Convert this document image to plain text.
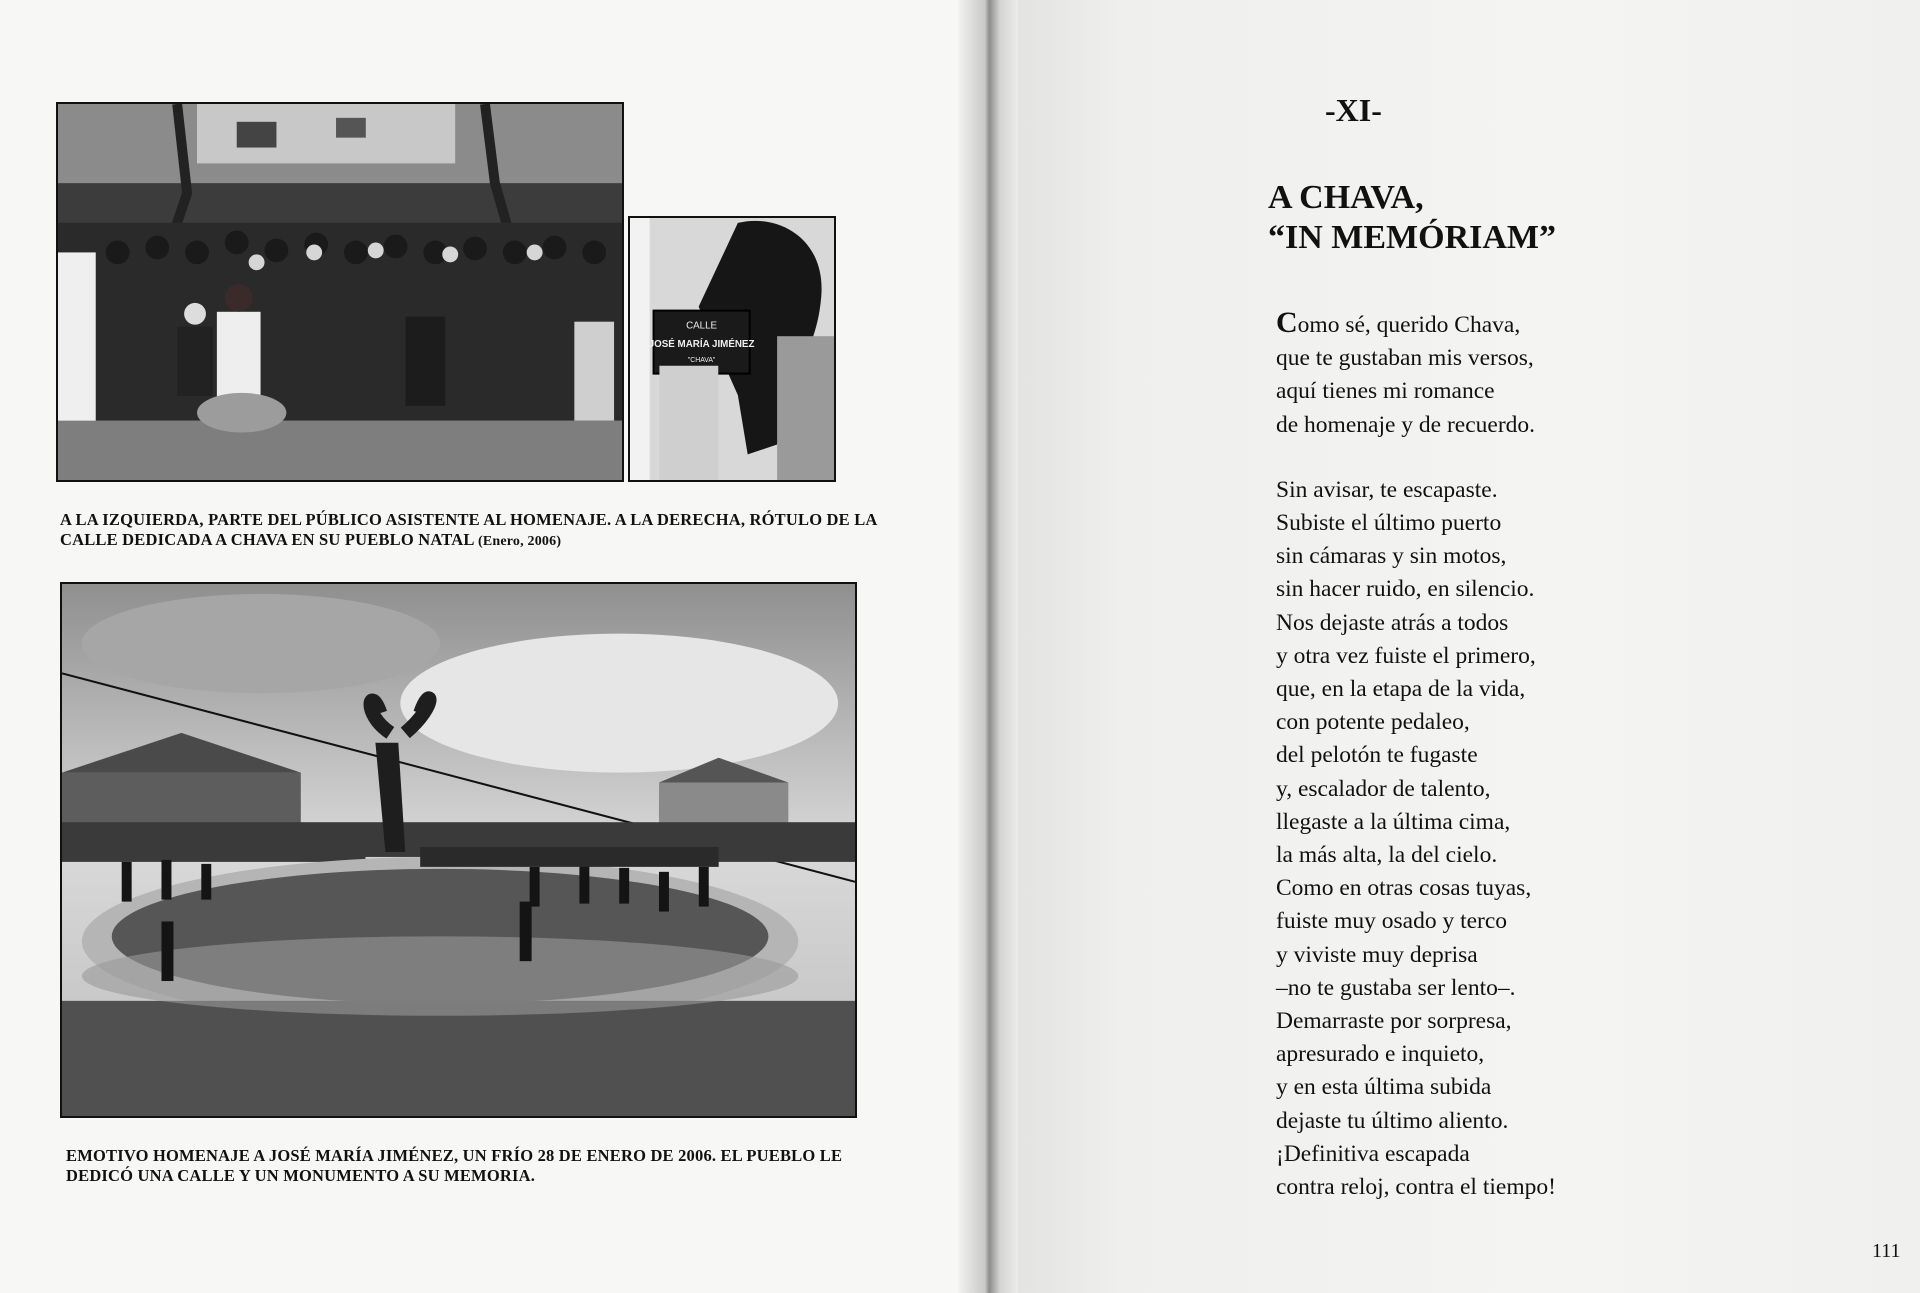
CALLE
JOSÉ MARÍA JIMÉNEZ
"CHAVA"
A LA IZQUIERDA, PARTE DEL PÚBLICO ASISTENTE AL HOMENAJE. A LA DERECHA, RÓTULO DE LA CALLE DEDICADA A CHAVA EN SU PUEBLO NATAL (Enero, 2006)
EMOTIVO HOMENAJE A JOSÉ MARÍA JIMÉNEZ, UN FRÍO 28 DE ENERO DE 2006. EL PUEBLO LE DEDICÓ UNA CALLE Y UN MONUMENTO A SU MEMORIA.
-XI-
A CHAVA,
“IN MEMÓRIAM”
Como sé, querido Chava,
que te gustaban mis versos,
aquí tienes mi romance
de homenaje y de recuerdo.
Sin avisar, te escapaste.
Subiste el último puerto
sin cámaras y sin motos,
sin hacer ruido, en silencio.
Nos dejaste atrás a todos
y otra vez fuiste el primero,
que, en la etapa de la vida,
con potente pedaleo,
del pelotón te fugaste
y, escalador de talento,
llegaste a la última cima,
la más alta, la del cielo.
Como en otras cosas tuyas,
fuiste muy osado y terco
y viviste muy deprisa
–no te gustaba ser lento–.
Demarraste por sorpresa,
apresurado e inquieto,
y en esta última subida
dejaste tu último aliento.
¡Definitiva escapada
contra reloj, contra el tiempo!
111
